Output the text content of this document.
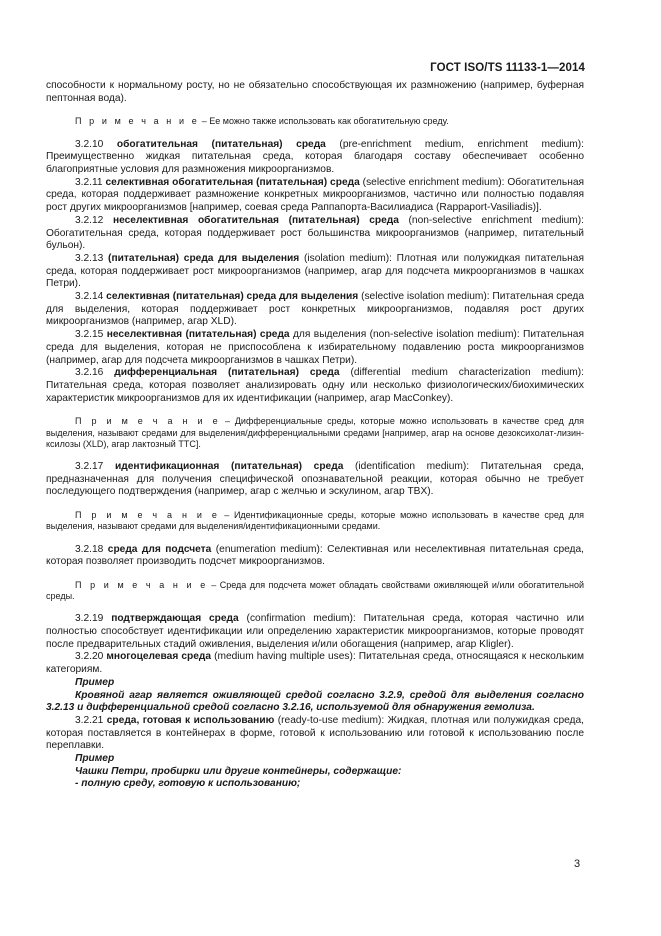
ГОСТ ISO/TS 11133-1—2014

способности к нормальному росту, но не обязательно способствующая их размножению (например, буферная пептонная вода).

П р и м е ч а н и е – Ее можно также использовать как обогатительную среду.

3.2.10 обогатительная (питательная) среда (pre-enrichment medium, enrichment medium): Преимущественно жидкая питательная среда, которая благодаря составу обеспечивает особенно благоприятные условия для размножения микроорганизмов.

3.2.11 селективная обогатительная (питательная) среда (selective enrichment medium): Обогатительная среда, которая поддерживает размножение конкретных микроорганизмов, частично или полностью подавляя рост других микроорганизмов [например, соевая среда Раппапорта-Василиадиса (Rappaport-Vasiliadis)].

3.2.12 неселективная обогатительная (питательная) среда (non-selective enrichment medium): Обогатительная среда, которая поддерживает рост большинства микроорганизмов (например, питательный бульон).

3.2.13 (питательная) среда для выделения (isolation medium): Плотная или полужидкая питательная среда, которая поддерживает рост микроорганизмов (например, агар для подсчета микроорганизмов в чашках Петри).

3.2.14 селективная (питательная) среда для выделения (selective isolation medium): Питательная среда для выделения, которая поддерживает рост конкретных микроорганизмов, подавляя рост других микроорганизмов (например, агар XLD).

3.2.15 неселективная (питательная) среда для выделения (non-selective isolation medium): Питательная среда для выделения, которая не приспособлена к избирательному подавлению роста микроорганизмов (например, агар для подсчета микроорганизмов в чашках Петри).

3.2.16 дифференциальная (питательная) среда (differential medium characterization medium): Питательная среда, которая позволяет анализировать одну или несколько физиологических/биохимических характеристик микроорганизмов для их идентификации (например, агар MacConkey).

П р и м е ч а н и е – Дифференциальные среды, которые можно использовать в качестве сред для выделения, называют средами для выделения/дифференциальными средами [например, агар на основе дезоксихолат-лизин-ксилозы (XLD), агар лактозный ТТС].

3.2.17 идентификационная (питательная) среда (identification medium): Питательная среда, предназначенная для получения специфической опознавательной реакции, которая обычно не требует последующего подтверждения (например, агар с желчью и эскулином, агар TBX).

П р и м е ч а н и е – Идентификационные среды, которые можно использовать в качестве сред для выделения, называют средами для выделения/идентификационными средами.

3.2.18 среда для подсчета (enumeration medium): Селективная или неселективная питательная среда, которая позволяет производить подсчет микроорганизмов.

П р и м е ч а н и е – Среда для подсчета может обладать свойствами оживляющей и/или обогатительной среды.

3.2.19 подтверждающая среда (confirmation medium): Питательная среда, которая частично или полностью способствует идентификации или определению характеристик микроорганизмов, которые проводят после предварительных стадий оживления, выделения и/или обогащения (например, агар Kligler).

3.2.20 многоцелевая среда (medium having multiple uses): Питательная среда, относящаяся к нескольким категориям.

Пример

Кровяной агар является оживляющей средой согласно 3.2.9, средой для выделения согласно 3.2.13 и дифференциальной средой согласно 3.2.16, используемой для обнаружения гемолиза.

3.2.21 среда, готовая к использованию (ready-to-use medium): Жидкая, плотная или полужидкая среда, которая поставляется в контейнерах в форме, готовой к использованию или готовой к использованию после переплавки.

Пример

Чашки Петри, пробирки или другие контейнеры, содержащие:

- полную среду, готовую к использованию;

3
